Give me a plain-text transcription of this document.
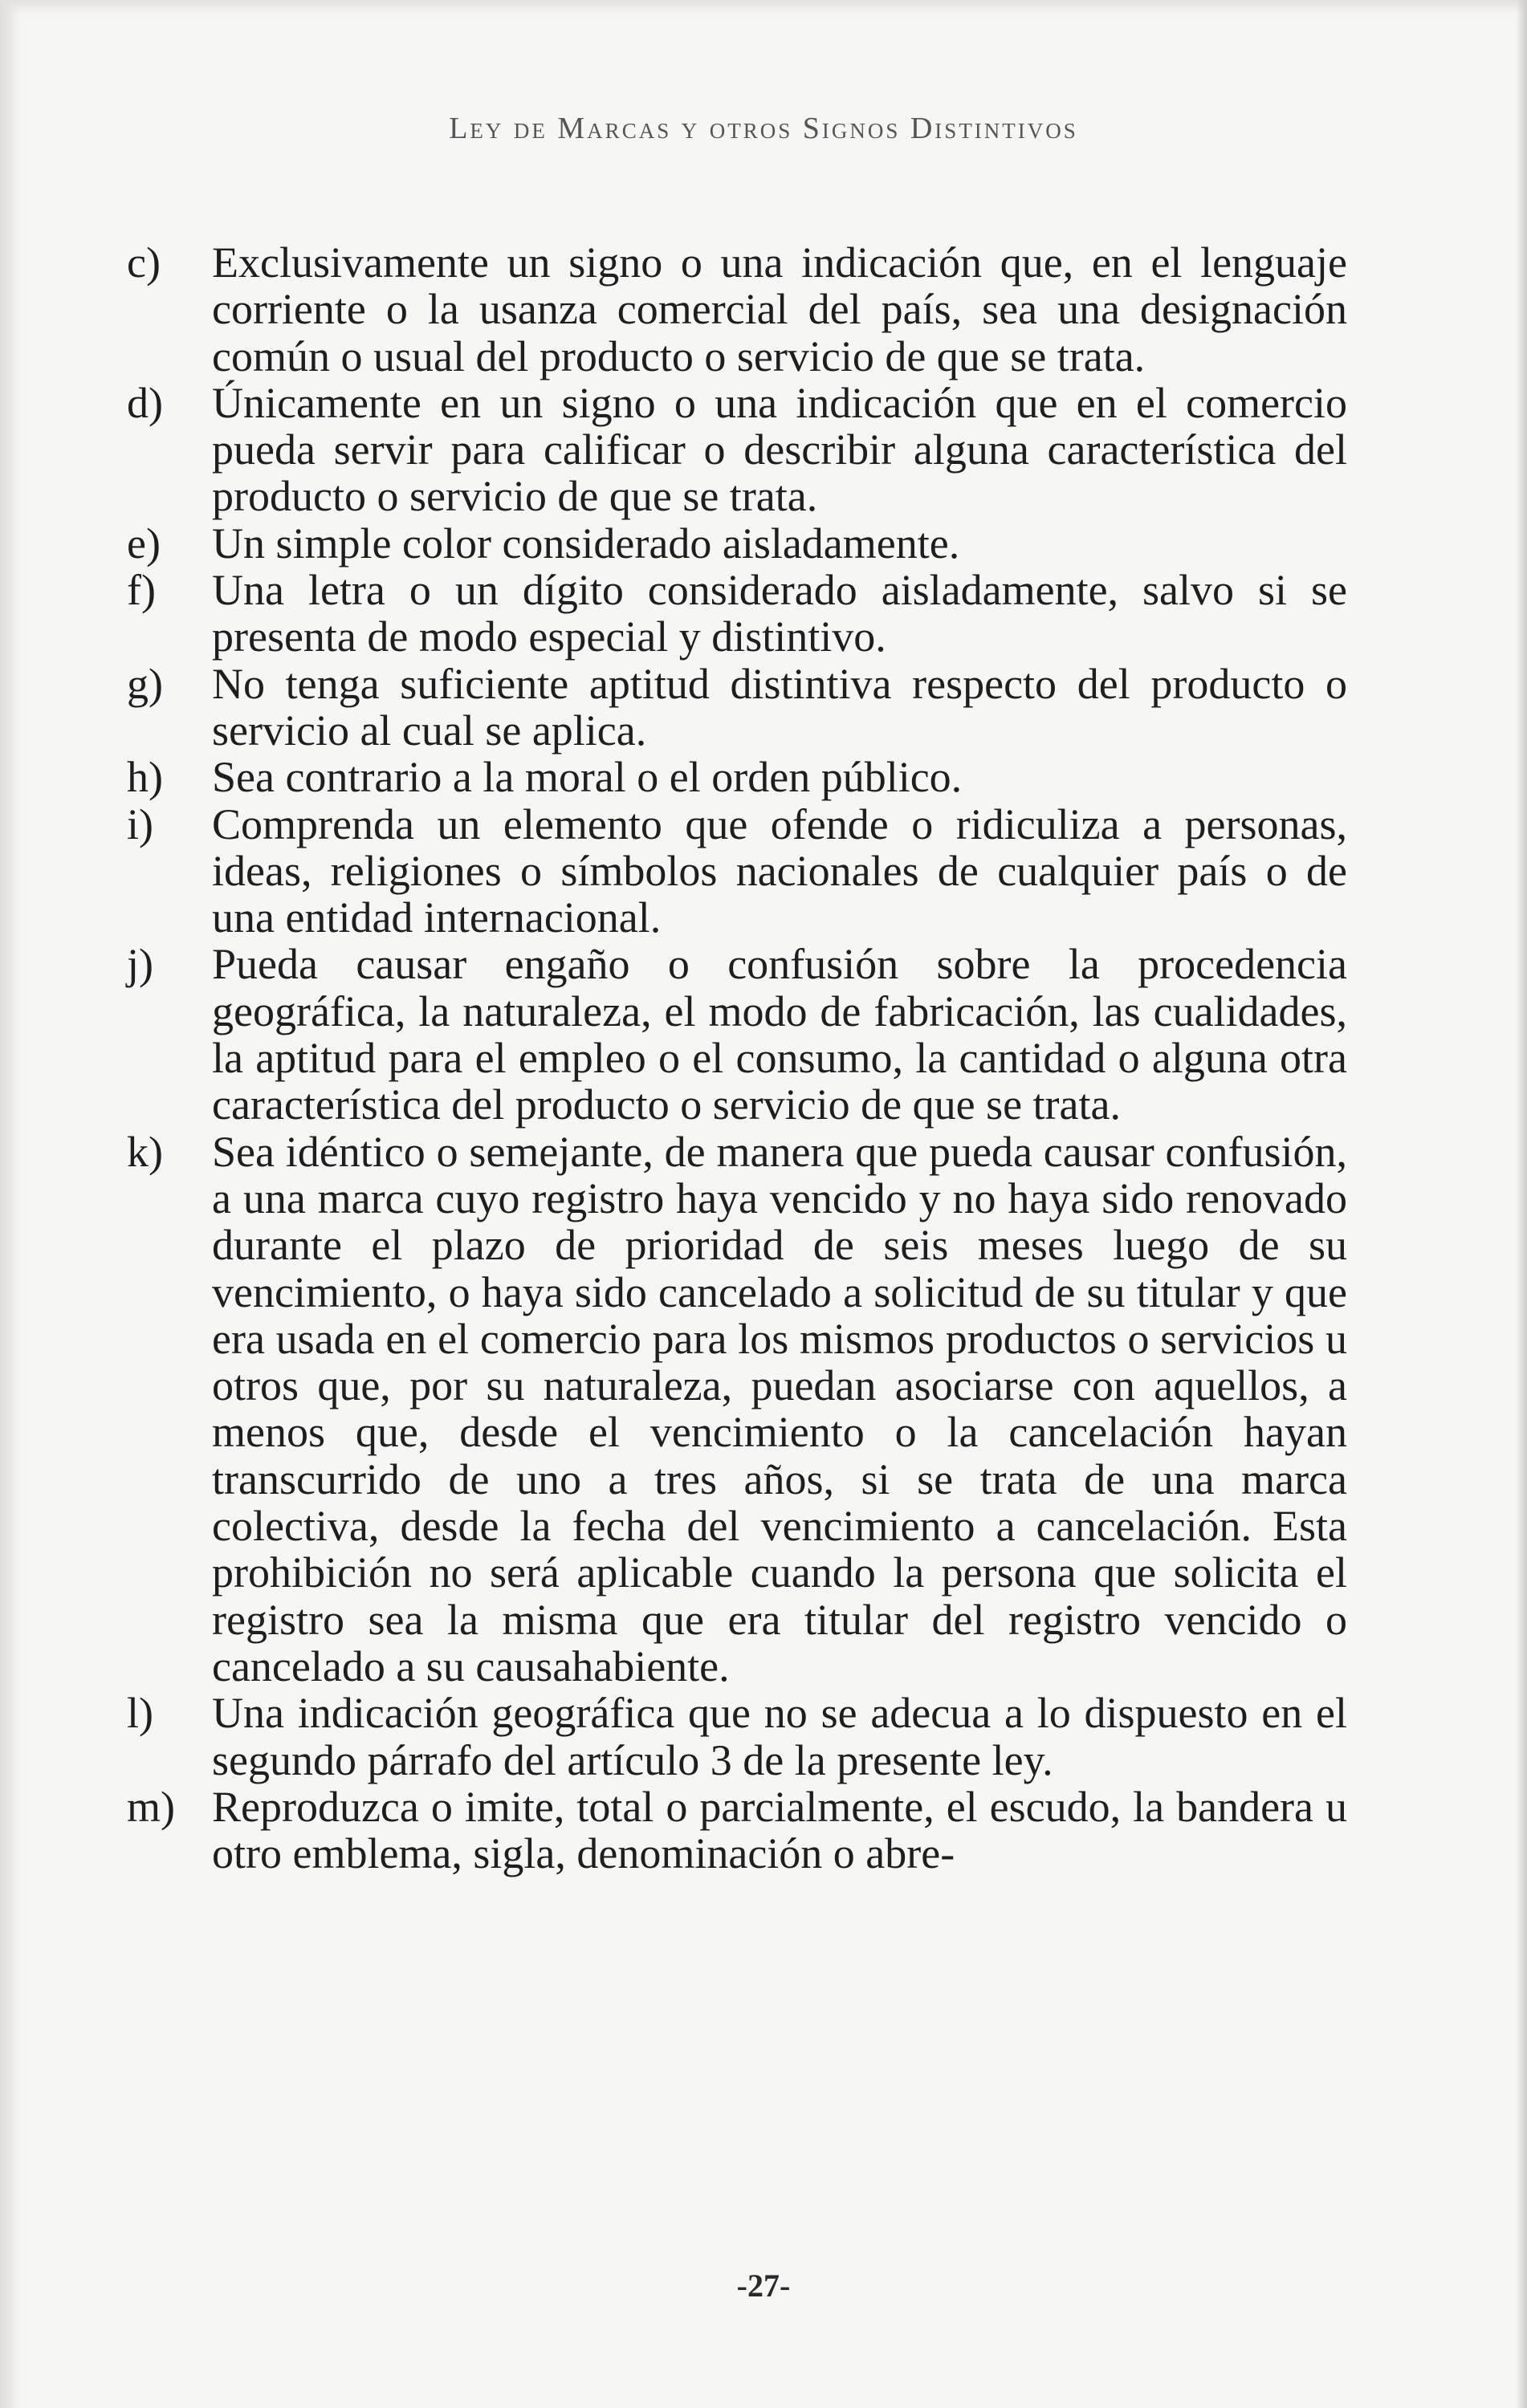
Ley de Marcas y otros Signos Distintivos
c) Exclusivamente un signo o una indicación que, en el lenguaje corriente o la usanza comercial del país, sea una designación común o usual del producto o servicio de que se trata.
d) Únicamente en un signo o una indicación que en el comercio pueda servir para calificar o describir alguna característica del producto o servicio de que se trata.
e) Un simple color considerado aisladamente.
f) Una letra o un dígito considerado aisladamente, salvo si se presenta de modo especial y distintivo.
g) No tenga suficiente aptitud distintiva respecto del producto o servicio al cual se aplica.
h) Sea contrario a la moral o el orden público.
i) Comprenda un elemento que ofende o ridiculiza a personas, ideas, religiones o símbolos nacionales de cualquier país o de una entidad internacional.
j) Pueda causar engaño o confusión sobre la procedencia geográfica, la naturaleza, el modo de fabricación, las cualidades, la aptitud para el empleo o el consumo, la cantidad o alguna otra característica del producto o servicio de que se trata.
k) Sea idéntico o semejante, de manera que pueda causar confusión, a una marca cuyo registro haya vencido y no haya sido renovado durante el plazo de prioridad de seis meses luego de su vencimiento, o haya sido cancelado a solicitud de su titular y que era usada en el comercio para los mismos productos o servicios u otros que, por su naturaleza, puedan asociarse con aquellos, a menos que, desde el vencimiento o la cancelación hayan transcurrido de uno a tres años, si se trata de una marca colectiva, desde la fecha del vencimiento a cancelación. Esta prohibición no será aplicable cuando la persona que solicita el registro sea la misma que era titular del registro vencido o cancelado a su causahabiente.
l) Una indicación geográfica que no se adecua a lo dispuesto en el segundo párrafo del artículo 3 de la presente ley.
m) Reproduzca o imite, total o parcialmente, el escudo, la bandera u otro emblema, sigla, denominación o abre-
-27-
